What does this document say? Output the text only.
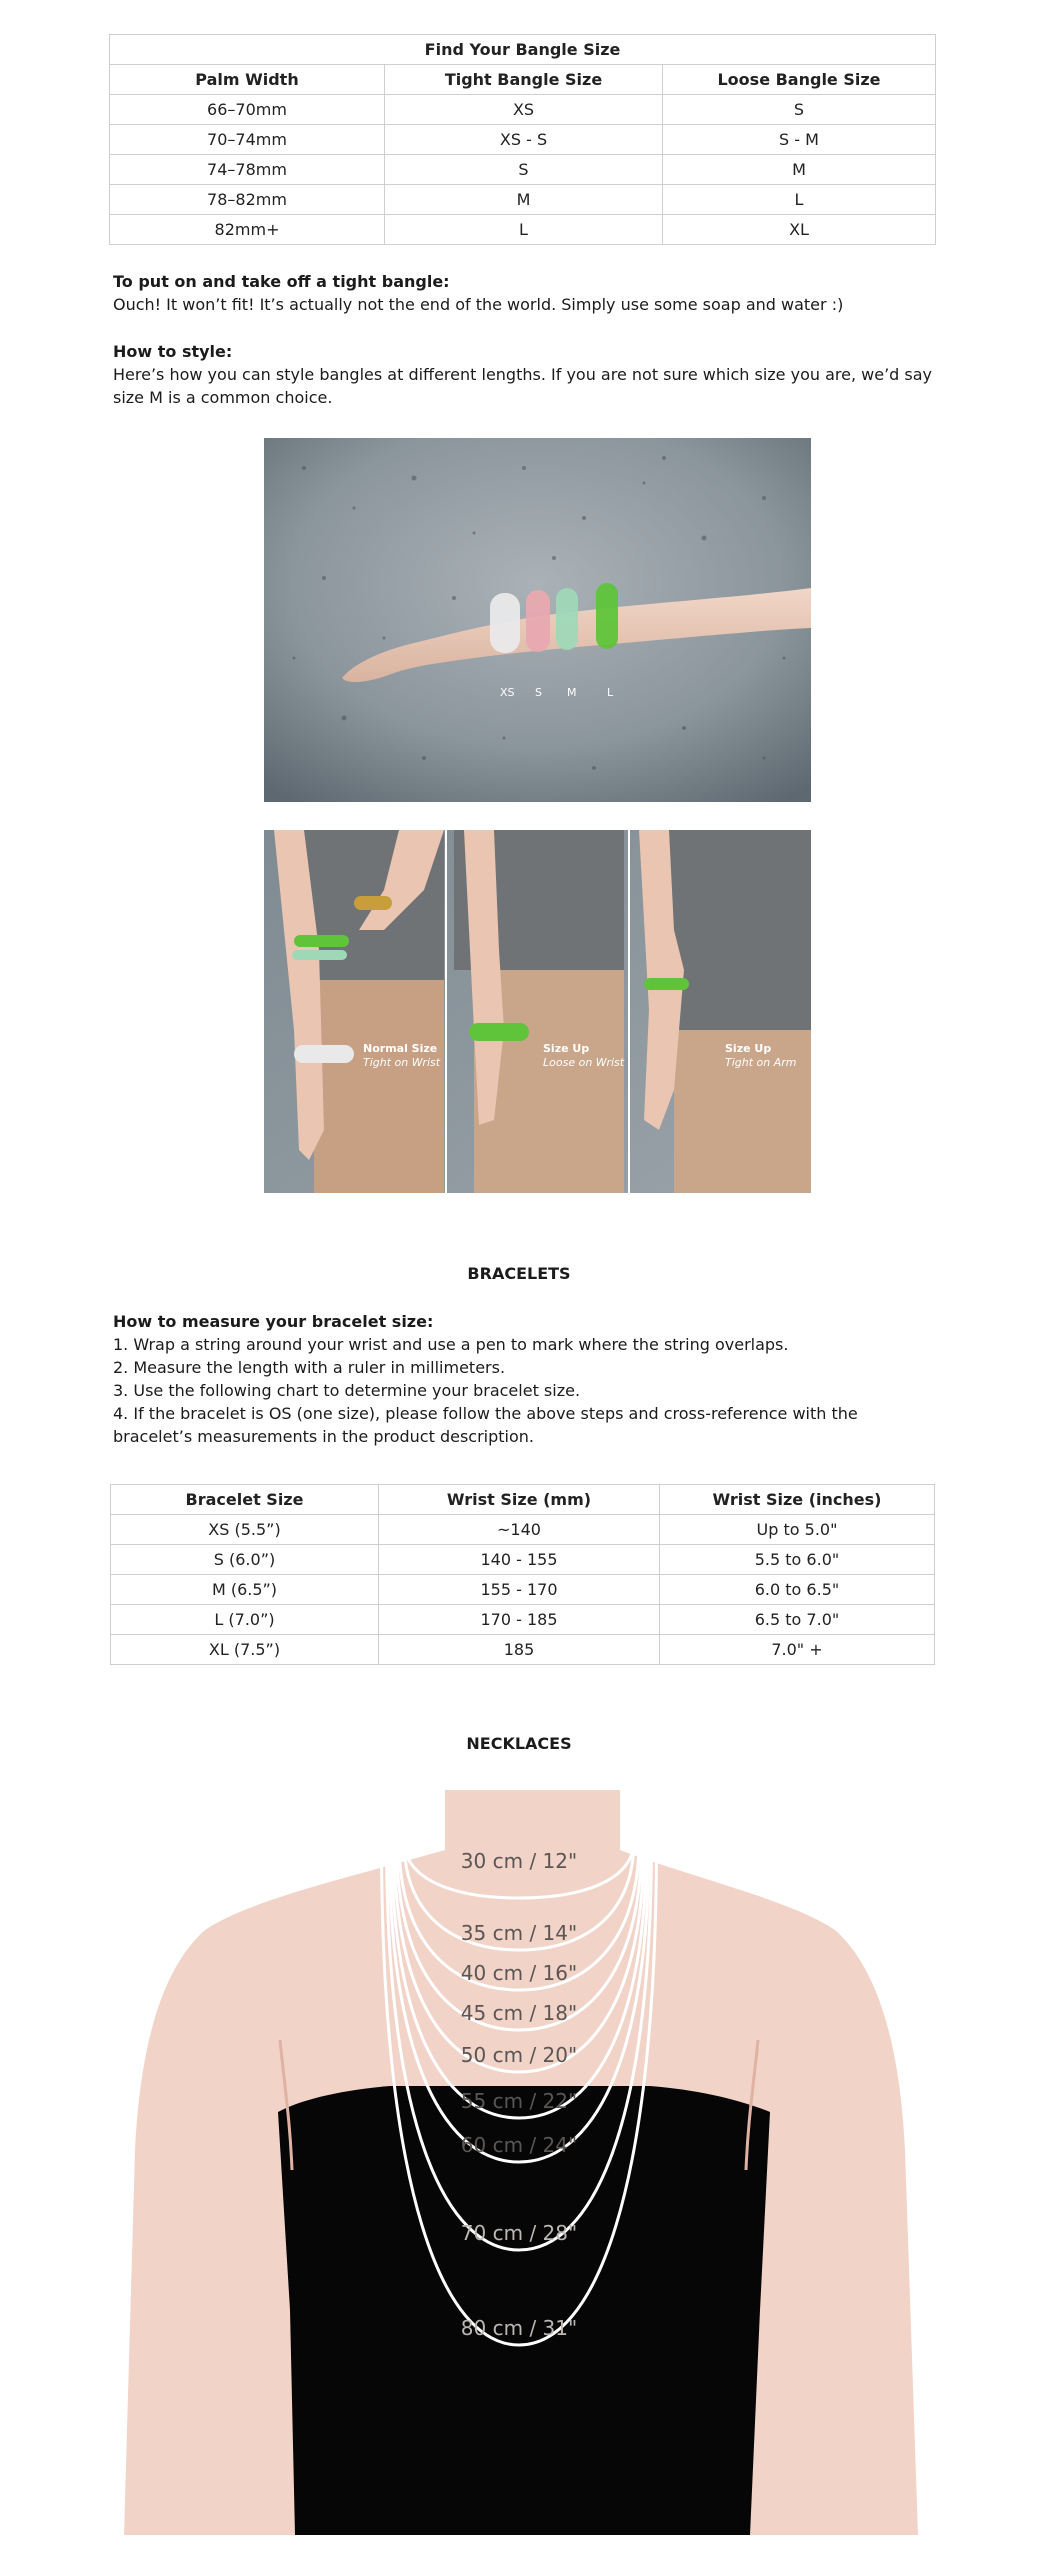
Find Your Bangle Size		
Palm Width	Tight Bangle Size	Loose Bangle Size
66–70mm	XS	S
70–74mm	XS - S	S - M
74–78mm	S	M
78–82mm	M	L
82mm+	L	XL
To put on and take off a tight bangle:
Ouch! It won’t fit! It’s actually not the end of the world. Simply use some soap and water :)
How to style:
Here’s how you can style bangles at different lengths. If you are not sure which size you are, we’d say size M is a common choice.
XS S M	L
Normal Size
Tight on Wrist
Size Up
Loose on Wrist
Size Up
Tight on Arm
BRACELETS
How to measure your bracelet size:
1. Wrap a string around your wrist and use a pen to mark where the string overlaps.
2. Measure the length with a ruler in millimeters.
3. Use the following chart to determine your bracelet size.
4. If the bracelet is OS (one size), please follow the above steps and cross-reference with the bracelet’s measurements in the product description.
Bracelet Size	Wrist Size (mm)	Wrist Size (inches)
XS (5.5”)	~140	Up to 5.0"
S (6.0”)	140 - 155	5.5 to 6.0"
M (6.5”)	155 - 170	6.0 to 6.5"
L (7.0”)	170 - 185	6.5 to 7.0"
XL (7.5”)	185	7.0" +
NECKLACES
30 cm / 12"
35 cm / 14"
40 cm / 16"
45 cm / 18"
50 cm / 20"
55 cm / 22"
60 cm / 24"
70 cm / 28"
80 cm / 31"
